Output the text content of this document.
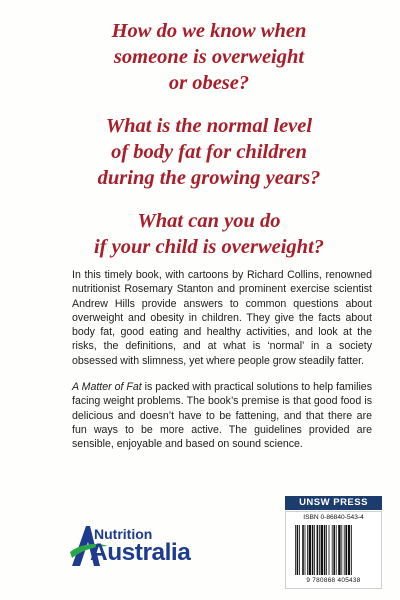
How do we know when
someone is overweight
or obese?

What is the normal level
of body fat for children
during the growing years?

What can you do
if your child is overweight?

In this timely book, with cartoons by Richard Collins, renowned nutritionist Rosemary Stanton and prominent exercise scientist Andrew Hills provide answers to common questions about overweight and obesity in children. They give the facts about body fat, good eating and healthy activities, and look at the risks, the definitions, and at what is ‘normal’ in a society obsessed with slimness, yet where people grow steadily fatter.

A Matter of Fat is packed with practical solutions to help families facing weight problems. The book’s premise is that good food is delicious and doesn’t have to be fattening, and that there are fun ways to be more active. The guidelines provided are sensible, enjoyable and based on sound science.

Nutrition
Australia
UNSW PRESS
ISBN 0-86840-543-4
9 780868 405438
